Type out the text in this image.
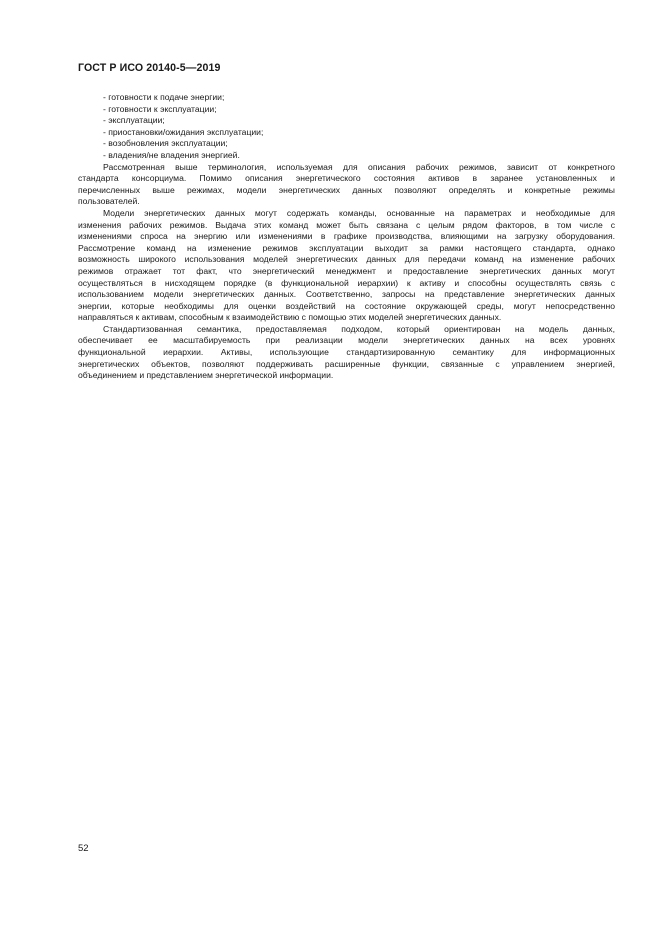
ГОСТ Р ИСО 20140-5—2019
- готовности к подаче энергии;
- готовности к эксплуатации;
- эксплуатации;
- приостановки/ожидания эксплуатации;
- возобновления эксплуатации;
- владения/не владения энергией.
Рассмотренная выше терминология, используемая для описания рабочих режимов, зависит от конкретного
стандарта консорциума. Помимо описания энергетического состояния активов в заранее установленных и
перечисленных выше режимах, модели энергетических данных позволяют определять и конкретные режимы
пользователей.
Модели энергетических данных могут содержать команды, основанные на параметрах и необходимые для
изменения рабочих режимов. Выдача этих команд может быть связана с целым рядом факторов, в том числе с
изменениями спроса на энергию или изменениями в графике производства, влияющими на загрузку оборудования.
Рассмотрение команд на изменение режимов эксплуатации выходит за рамки настоящего стандарта, однако
возможность широкого использования моделей энергетических данных для передачи команд на изменение рабочих
режимов отражает тот факт, что энергетический менеджмент и предоставление энергетических данных могут
осуществляться в нисходящем порядке (в функциональной иерархии) к активу и способны осуществлять связь с
использованием модели энергетических данных. Соответственно, запросы на представление энергетических данных
энергии, которые необходимы для оценки воздействий на состояние окружающей среды, могут непосредственно
направляться к активам, способным к взаимодействию с помощью этих моделей энергетических данных.
Стандартизованная семантика, предоставляемая подходом, который ориентирован на модель данных,
обеспечивает ее масштабируемость при реализации модели энергетических данных на всех уровнях
функциональной иерархии. Активы, использующие стандартизированную семантику для информационных
энергетических объектов, позволяют поддерживать расширенные функции, связанные с управлением энергией,
объединением и представлением энергетической информации.
52
